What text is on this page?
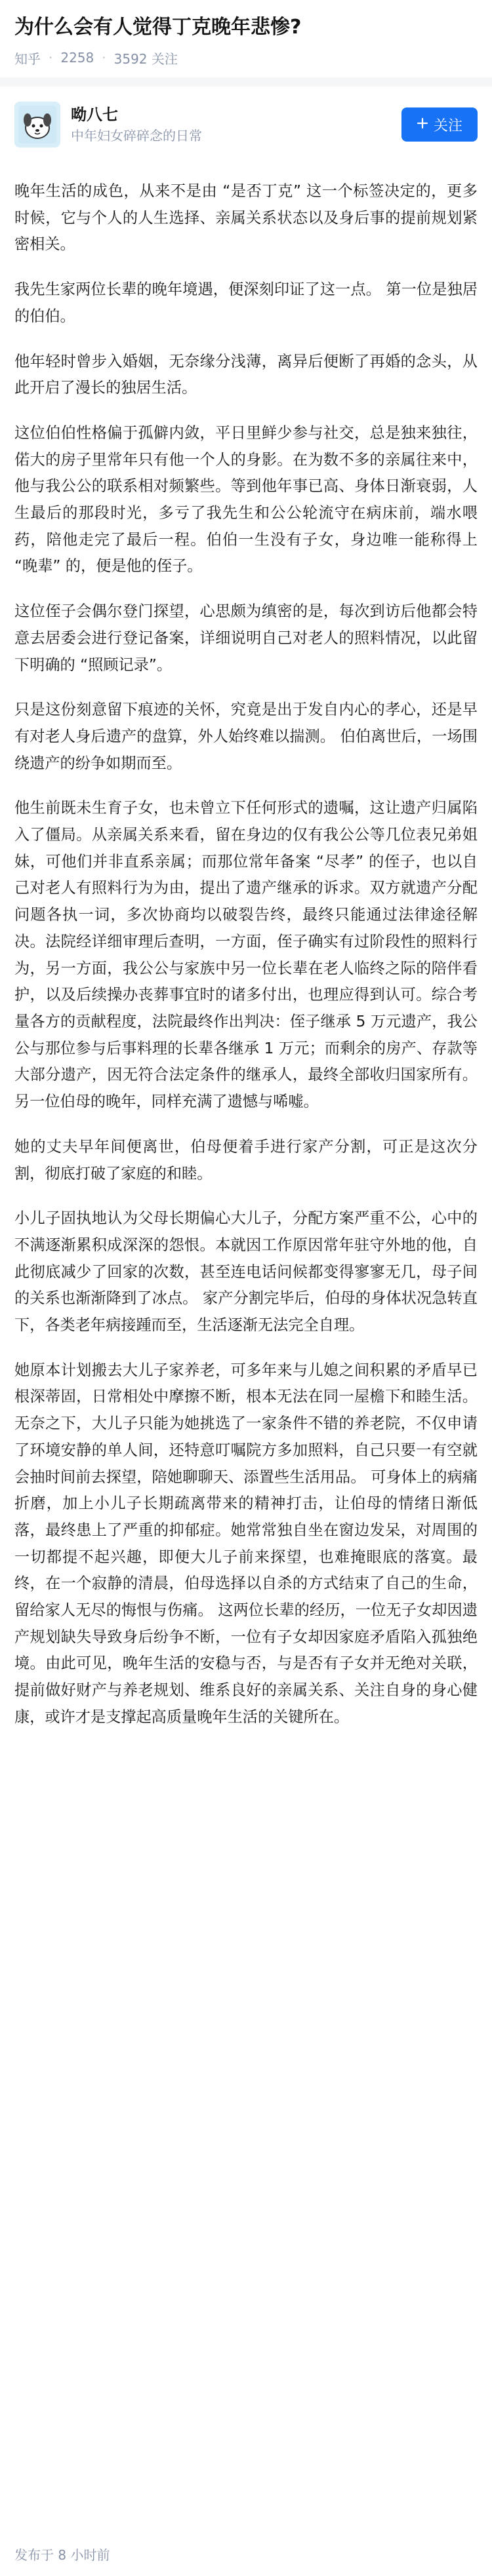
为什么会有人觉得丁克晚年悲惨?
知乎 · 2258 · 3592 关注
呦八七
中年妇女碎碎念的日常
关注

晚年生活的成色，从来不是由 “是否丁克” 这一个标签决定的，更多时候，它与个人的人生选择、亲属关系状态以及身后事的提前规划紧密相关。

我先生家两位长辈的晚年境遇，便深刻印证了这一点。 第一位是独居的伯伯。

他年轻时曾步入婚姻，无奈缘分浅薄，离异后便断了再婚的念头，从此开启了漫长的独居生活。

这位伯伯性格偏于孤僻内敛，平日里鲜少参与社交，总是独来独往，偌大的房子里常年只有他一个人的身影。在为数不多的亲属往来中，他与我公公的联系相对频繁些。等到他年事已高、身体日渐衰弱，人生最后的那段时光，多亏了我先生和公公轮流守在病床前，端水喂药，陪他走完了最后一程。伯伯一生没有子女，身边唯一能称得上 “晚辈” 的，便是他的侄子。

这位侄子会偶尔登门探望，心思颇为缜密的是，每次到访后他都会特意去居委会进行登记备案，详细说明自己对老人的照料情况，以此留下明确的 “照顾记录”。

只是这份刻意留下痕迹的关怀，究竟是出于发自内心的孝心，还是早有对老人身后遗产的盘算，外人始终难以揣测。 伯伯离世后，一场围绕遗产的纷争如期而至。

他生前既未生育子女，也未曾立下任何形式的遗嘱，这让遗产归属陷入了僵局。从亲属关系来看，留在身边的仅有我公公等几位表兄弟姐妹，可他们并非直系亲属；而那位常年备案 “尽孝” 的侄子，也以自己对老人有照料行为为由，提出了遗产继承的诉求。双方就遗产分配问题各执一词，多次协商均以破裂告终，最终只能通过法律途径解决。法院经详细审理后查明，一方面，侄子确实有过阶段性的照料行为，另一方面，我公公与家族中另一位长辈在老人临终之际的陪伴看护，以及后续操办丧葬事宜时的诸多付出，也理应得到认可。综合考量各方的贡献程度，法院最终作出判决：侄子继承 5 万元遗产，我公公与那位参与后事料理的长辈各继承 1 万元；而剩余的房产、存款等大部分遗产，因无符合法定条件的继承人，最终全部收归国家所有。 另一位伯母的晚年，同样充满了遗憾与唏嘘。

她的丈夫早年间便离世，伯母便着手进行家产分割，可正是这次分割，彻底打破了家庭的和睦。

小儿子固执地认为父母长期偏心大儿子，分配方案严重不公，心中的不满逐渐累积成深深的怨恨。本就因工作原因常年驻守外地的他，自此彻底减少了回家的次数，甚至连电话问候都变得寥寥无几，母子间的关系也渐渐降到了冰点。 家产分割完毕后，伯母的身体状况急转直下，各类老年病接踵而至，生活逐渐无法完全自理。

她原本计划搬去大儿子家养老，可多年来与儿媳之间积累的矛盾早已根深蒂固，日常相处中摩擦不断，根本无法在同一屋檐下和睦生活。无奈之下，大儿子只能为她挑选了一家条件不错的养老院，不仅申请了环境安静的单人间，还特意叮嘱院方多加照料，自己只要一有空就会抽时间前去探望，陪她聊聊天、添置些生活用品。 可身体上的病痛折磨，加上小儿子长期疏离带来的精神打击，让伯母的情绪日渐低落，最终患上了严重的抑郁症。她常常独自坐在窗边发呆，对周围的一切都提不起兴趣，即便大儿子前来探望，也难掩眼底的落寞。最终，在一个寂静的清晨，伯母选择以自杀的方式结束了自己的生命，留给家人无尽的悔恨与伤痛。 这两位长辈的经历，一位无子女却因遗产规划缺失导致身后纷争不断，一位有子女却因家庭矛盾陷入孤独绝境。由此可见，晚年生活的安稳与否，与是否有子女并无绝对关联，提前做好财产与养老规划、维系良好的亲属关系、关注自身的身心健康，或许才是支撑起高质量晚年生活的关键所在。

发布于 8 小时前
